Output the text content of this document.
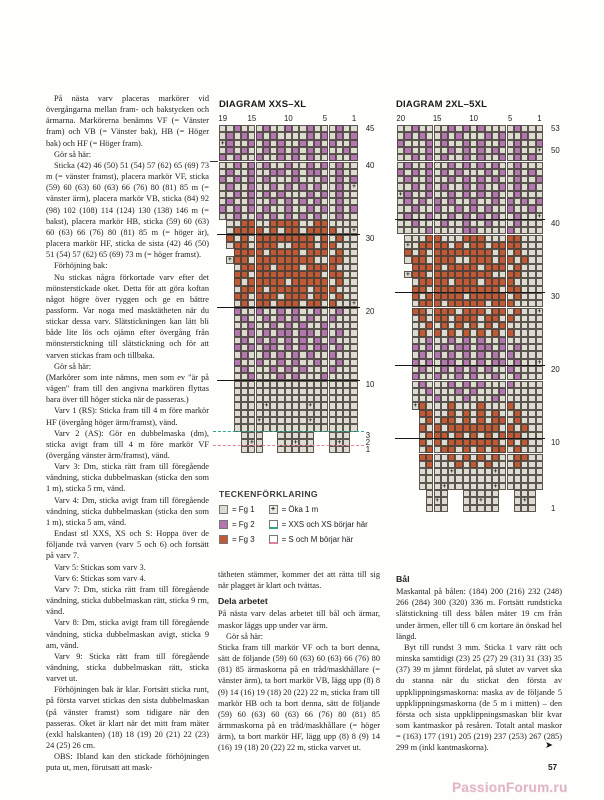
På nästa varv placeras markörer vid övergångarna mellan fram- och bakstycken och ärmarna. Markörerna benämns VF (= Vänster fram) och VB (= Vänster bak), HB (= Höger bak) och HF (= Höger fram).

Gör så här:

Sticka (42) 46 (50) 51 (54) 57 (62) 65 (69) 73 m (= vänster framst), placera markör VF, sticka (59) 60 (63) 60 (63) 66 (76) 80 (81) 85 m (= vänster ärm), placera markör VB, sticka (84) 92 (98) 102 (108) 114 (124) 130 (138) 146 m (= bakst), placera markör HB, sticka (59) 60 (63) 60 (63) 66 (76) 80 (81) 85 m (= höger är), placera markör HF, sticka de sista (42) 46 (50) 51 (54) 57 (62) 65 (69) 73 m (= höger framst).

Förhöjning bak:

Nu stickas några förkortade varv efter det mönsterstickade oket. Detta för att göra koftan något högre över ryggen och ge en bättre passform. Var noga med masktätheten när du stickar dessa varv. Slätstickningen kan lätt bli både lite lös och ojämn efter övergång från mönsterstickning till slätstickning och för att varven stickas fram och tillbaka.

Gör så här:

(Markörer som inte nämns, men som ev "är på vägen" fram till den angivna markören flyttas bara över till höger sticka när de passeras.)

Varv 1 (RS): Sticka fram till 4 m före markör HF (övergång höger ärm/framst), vänd.

Varv 2 (AS): Gör en dubbelmaska (dm), sticka avigt fram till 4 m före markör VF (övergång vänster ärm/framst), vänd.

Varv 3: Dm, sticka rätt fram till föregående vändning, sticka dubbelmaskan (sticka den som 1 m), sticka 5 rm, vänd.

Varv 4: Dm, sticka avigt fram till föregående vändning, sticka dubbelmaskan (sticka den som 1 m), sticka 5 am, vänd.

Endast stl XXS, XS och S: Hoppa över de följande två varven (varv 5 och 6) och fortsätt på varv 7.

Varv 5: Stickas som varv 3.

Varv 6: Stickas som varv 4.

Varv 7: Dm, sticka rätt fram till föregående vändning, sticka dubbelmaskan rätt, sticka 9 rm, vänd.

Varv 8: Dm, sticka avigt fram till föregående vändning, sticka dubbelmaskan avigt, sticka 9 am, vänd.

Varv 9: Sticka rätt fram till föregående vändning, sticka dubbelmaskan rätt, sticka varvet ut.

Förhöjningen bak är klar. Fortsätt sticka runt, på första varvet stickas den sista dubbelmaskan (på vänster framst) som tidigare när den passeras. Oket är klart när det mitt fram mäter (exkl halskanten) (18) 18 (19) 20 (21) 22 (23) 24 (25) 26 cm.

OBS: Ibland kan den stickade förhöjningen puta ut, men, förutsatt att mask-

DIAGRAM XXS–XL
+
+
+
+
+
+	+
+	+
+	+	+
19	15	10	5	1
45
40
30
20
10
3
2
1
TECKENFÖRKLARING
= Fg 1
= Fg 2
= Fg 3
+ = Öka 1 m
= XXS och XS börjar här
= S och M börjar här

tätheten stämmer, kommer det att rätta till sig när plagget är klart och tvättas.

Dela arbetet

På nästa varv delas arbetet till bål och ärmar, maskor läggs upp under var ärm.

Gör så här:

Sticka fram till markör VF och ta bort denna, sätt de följande (59) 60 (63) 60 (63) 66 (76) 80 (81) 85 ärmaskorna på en tråd/maskhållare (= vänster ärm), ta bort markör VB, lägg upp (8) 8 (9) 14 (16) 19 (18) 20 (22) 22 m, sticka fram till markör HB och ta bort denna, sätt de följande (59) 60 (63) 60 (63) 66 (76) 80 (81) 85 ärmmaskorna på en tråd/maskhållare (= höger ärm), ta bort markör HF, lägg upp (8) 8 (9) 14 (16) 19 (18) 20 (22) 22 m, sticka varvet ut.

DIAGRAM 2XL–5XL
+
+
+
+
+
+
+
+
+	+
+	+
+	+	+
20	15	10	5	1
53
50
40
30
20
10
1

Bål

Maskantal på bålen: (184) 200 (216) 232 (248) 266 (284) 300 (320) 336 m. Fortsätt rundsticka slätstickning till dess bålen mäter 19 cm från under ärmen, eller till 6 cm kortare än önskad hel längd.

Byt till rundst 3 mm. Sticka 1 varv rätt och minska samtidigt (23) 25 (27) 29 (31) 31 (33) 35 (37) 39 m jämnt fördelat, på slutet av varvet ska du stanna när du stickat den första av uppklippningsmaskorna: maska av de följande 5 uppklippningsmaskorna (de 5 m i mitten) – den första och sista uppklippningsmaskan blir kvar som kantmaskor på resåren. Totalt antal maskor = (163) 177 (191) 205 (219) 237 (253) 267 (285) 299 m (inkl kantmaskorna).	➤
57
PassionForum.ru
